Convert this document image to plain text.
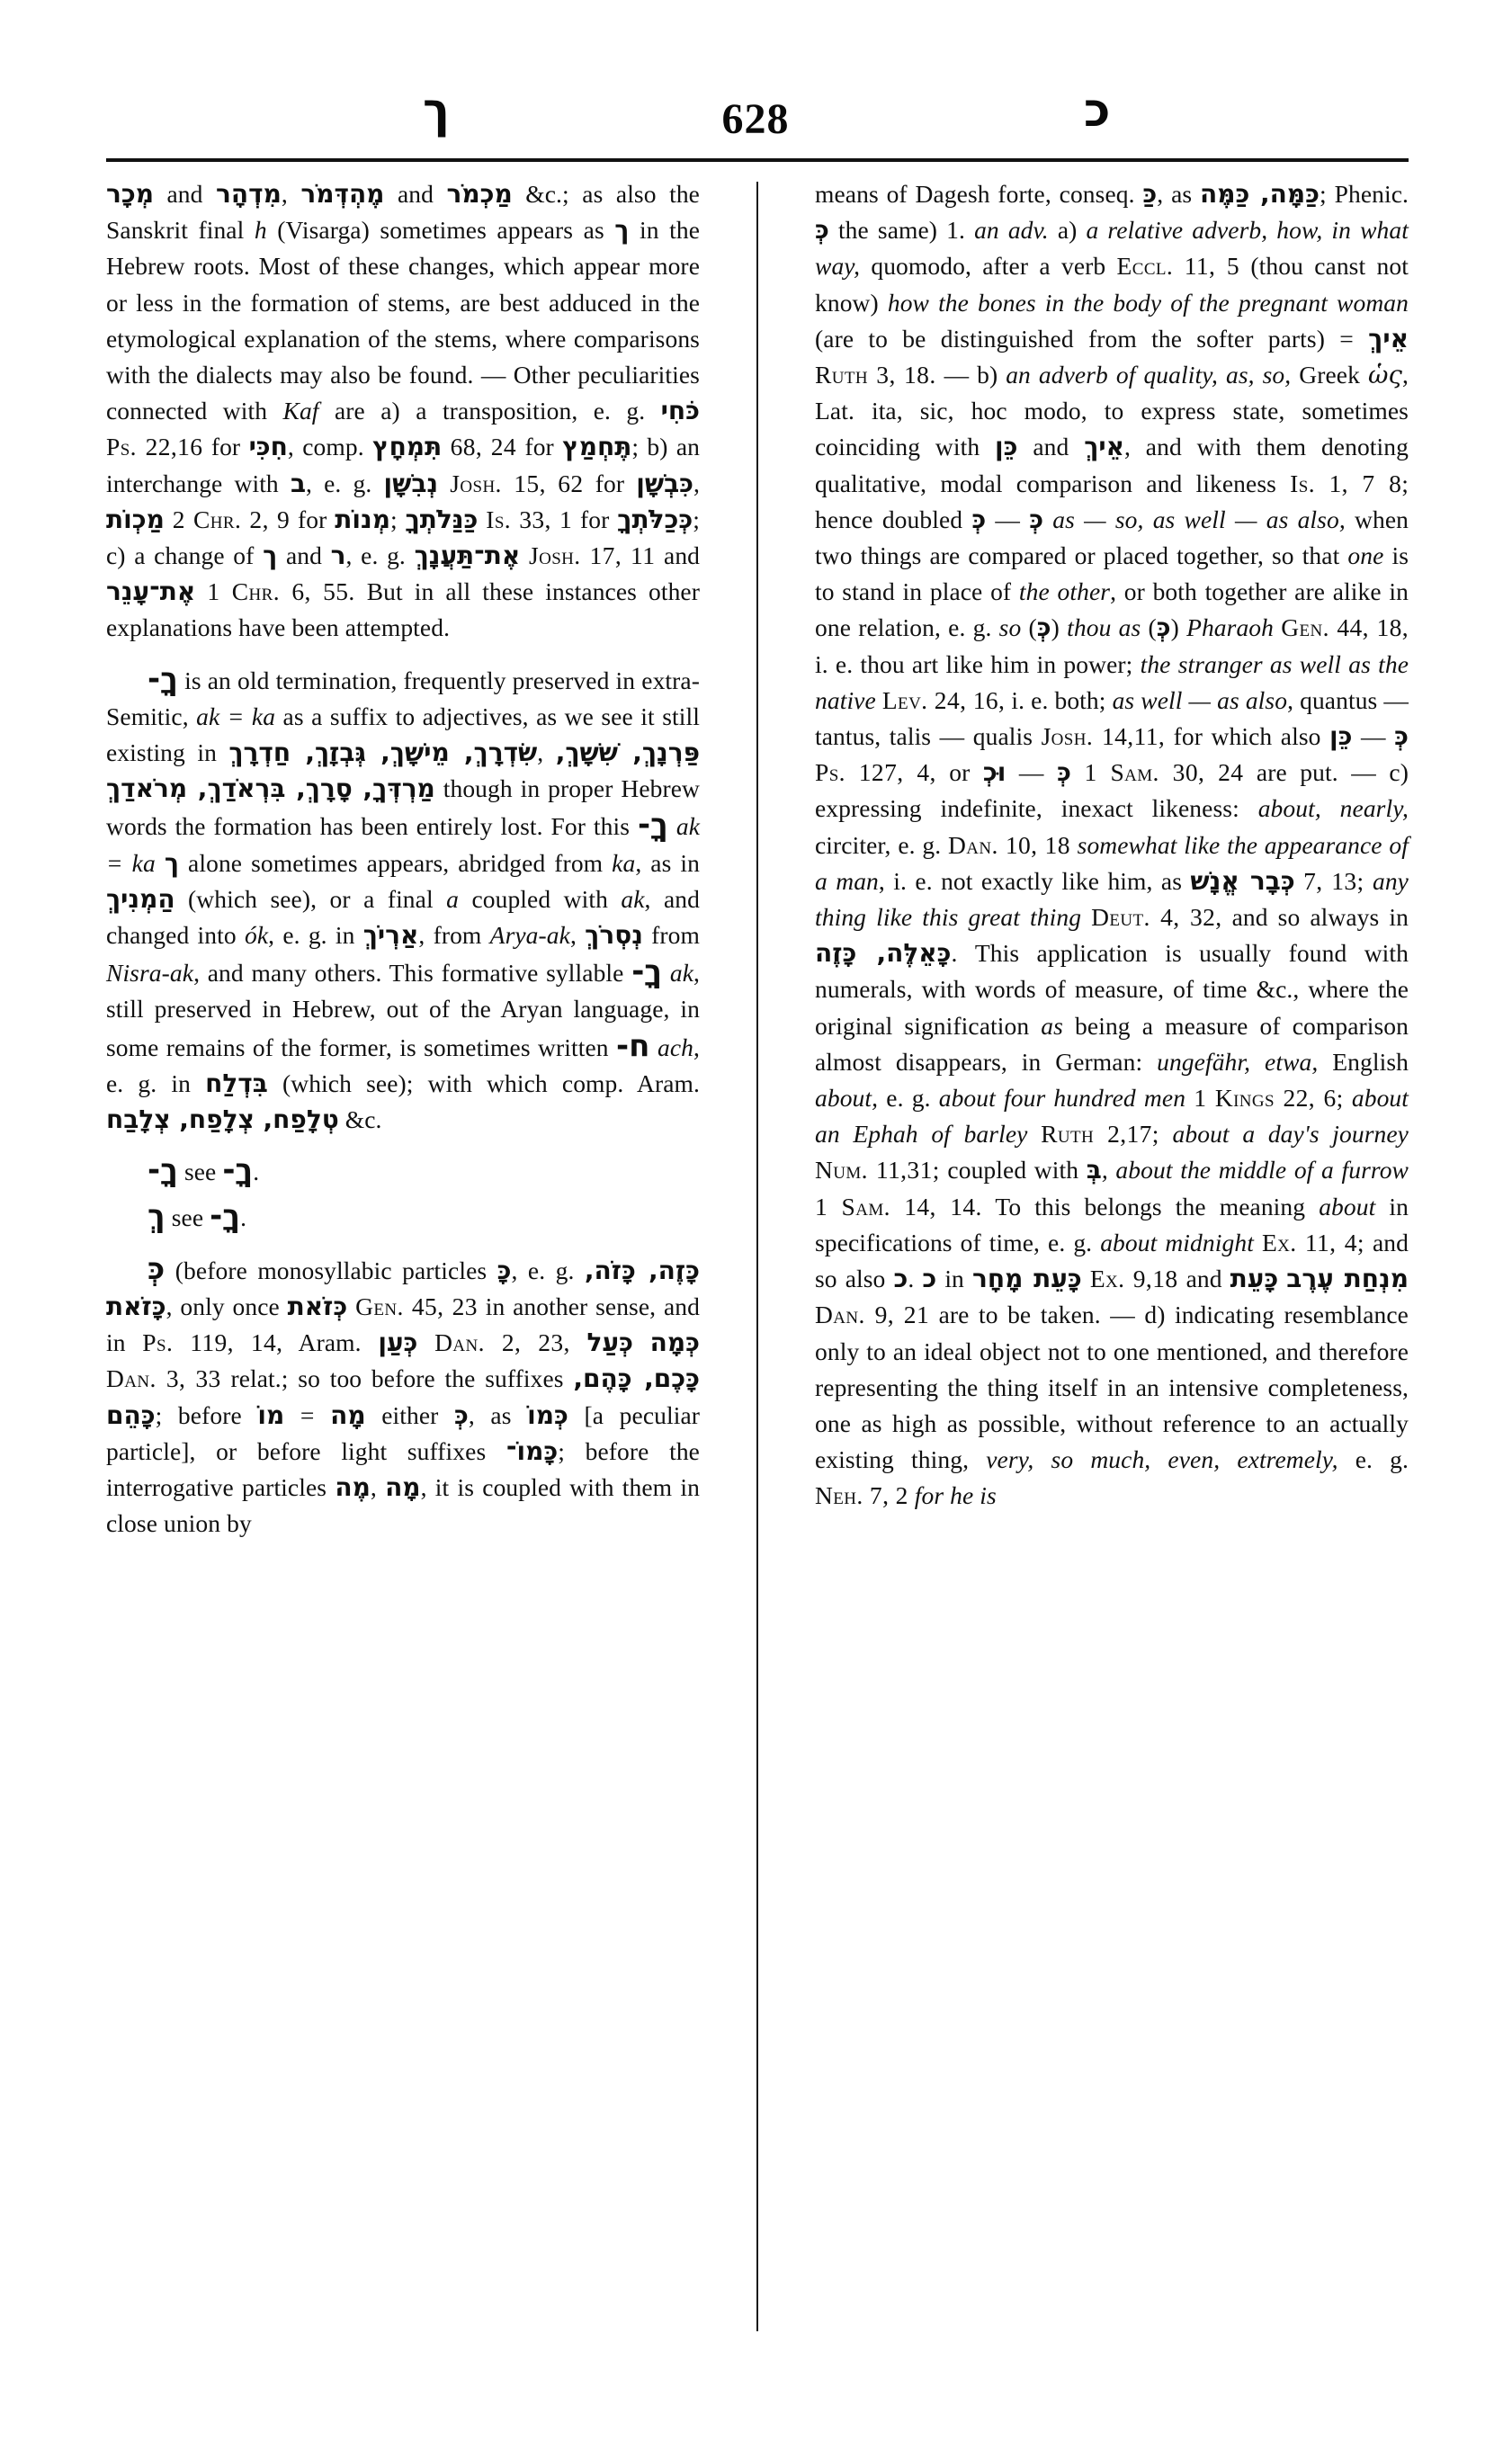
ך	628	כ

מְכָר and מִדְהָר, מֶהְדְּמֹר and מַכְמֹר &c.; as also the Sanskrit final h (Visarga) sometimes appears as ך in the Hebrew roots. Most of these changes, which appear more or less in the formation of stems, are best adduced in the etymological explanation of the stems, where comparisons with the dialects may also be found. — Other peculiarities connected with Kaf are a) a transposition, e. g. כֹּחִי Ps. 22,16 for חִכִּי, comp. תִּמְחָץ 68, 24 for תֶּחְמַץ; b) an interchange with ב, e. g. נְבִשָּׁן Josh. 15, 62 for כִּבְשָׁן, מַכְוֹת 2 Chr. 2, 9 for מְנוֹת; כַּנַּלֹתְךָ Is. 33, 1 for כְּכַלֹּתְךָ; c) a change of ך and ר, e. g. אֶת־תַּעֲנָךְ Josh. 17, 11 and אֶת־עָנֵר 1 Chr. 6, 55. But in all these instances other explanations have been attempted.

ךָ- is an old termination, frequently preserved in extra-Semitic, ak = ka as a suffix to adjectives, as we see it still existing in שִׂדְרָךְ, מֵישָׁךְ, גְּבְזָךְ, חַדְרָךְ, פַּרְנָךְ, שִׁשָׁךְ, מַרְדְּךָ, סָרָךְ, בִּרְאֹדַךְ, מְרֹאדַךְ though in proper Hebrew words the formation has been entirely lost. For this ךָ- ak = ka ך alone sometimes appears, abridged from ka, as in הַמְנִיךְ (which see), or a final a coupled with ak, and changed into ók, e. g. in אַרְיֹךְ, from Arya-ak, נְסְרֹךְ from Nisra-ak, and many others. This formative syllable ךָ- ak, still preserved in Hebrew, out of the Aryan language, in some remains of the former, is sometimes written ח- ach, e. g. in בִּדְלַח (which see); with which comp. Aram. טְלָפַח, צְלָפַח, צְלָבַח &c.

ךָ- see ךָ-.

ךְ see ךָ-.

כְּ (before monosyllabic particles כָּ, e. g. כָּזֶה, כָּזֹה, כָּזֹאת, only once כְּזֹאת Gen. 45, 23 in another sense, and in Ps. 119, 14, Aram. כְּעַן Dan. 2, 23, כְּעַל כְּמָה Dan. 3, 33 relat.; so too before the suffixes כָּכֶם, כָּהֶם, כָּהֵם; before מוֹ = מָה either כְּ, as כְּמוֹ [a peculiar particle], or before light suffixes כָּמוֹ־; before the interrogative particles מֶה, מָה, it is coupled with them in close union by

means of Dagesh forte, conseq. כַּ, as כַּמָּה, כַּמֶּה; Phenic. כְּ the same) 1. an adv. a) a relative adverb, how, in what way, quomodo, after a verb Eccl. 11, 5 (thou canst not know) how the bones in the body of the pregnant woman (are to be distinguished from the softer parts) = אֵיךְ Ruth 3, 18. — b) an adverb of quality, as, so, Greek ὡς, Lat. ita, sic, hoc modo, to express state, sometimes coinciding with כֵּן and אֵיךְ, and with them denoting qualitative, modal comparison and likeness Is. 1, 7 8; hence doubled כְּ — כְּ as — so, as well — as also, when two things are compared or placed together, so that one is to stand in place of the other, or both together are alike in one relation, e. g. so (כְּ) thou as (כְּ) Pharaoh Gen. 44, 18, i. e. thou art like him in power; the stranger as well as the native Lev. 24, 16, i. e. both; as well — as also, quantus — tantus, talis — qualis Josh. 14,11, for which also כֵּן — כְּ Ps. 127, 4, or וּכְ — כְּ 1 Sam. 30, 24 are put. — c) expressing indefinite, inexact likeness: about, nearly, circiter, e. g. Dan. 10, 18 somewhat like the appearance of a man, i. e. not exactly like him, as כְּבָר אֱנָשׁ 7, 13; any thing like this great thing Deut. 4, 32, and so always in כָּאֵלֶּה, כָּזֶה. This application is usually found with numerals, with words of measure, of time &c., where the original signification as being a measure of comparison almost disappears, in German: ungefähr, etwa, English about, e. g. about four hundred men 1 Kings 22, 6; about an Ephah of barley Ruth 2,17; about a day's journey Num. 11,31; coupled with בְּ, about the middle of a furrow 1 Sam. 14, 14. To this belongs the meaning about in specifications of time, e. g. about midnight Ex. 11, 4; and so also כ. כ in כָּעֵת מָחָר Ex. 9,18 and כָּעֵת מִנְחַת עֶרֶב Dan. 9, 21 are to be taken. — d) indicating resemblance only to an ideal object not to one mentioned, and therefore representing the thing itself in an intensive completeness, one as high as possible, without reference to an actually existing thing, very, so much, even, extremely, e. g. Neh. 7, 2 for he is
